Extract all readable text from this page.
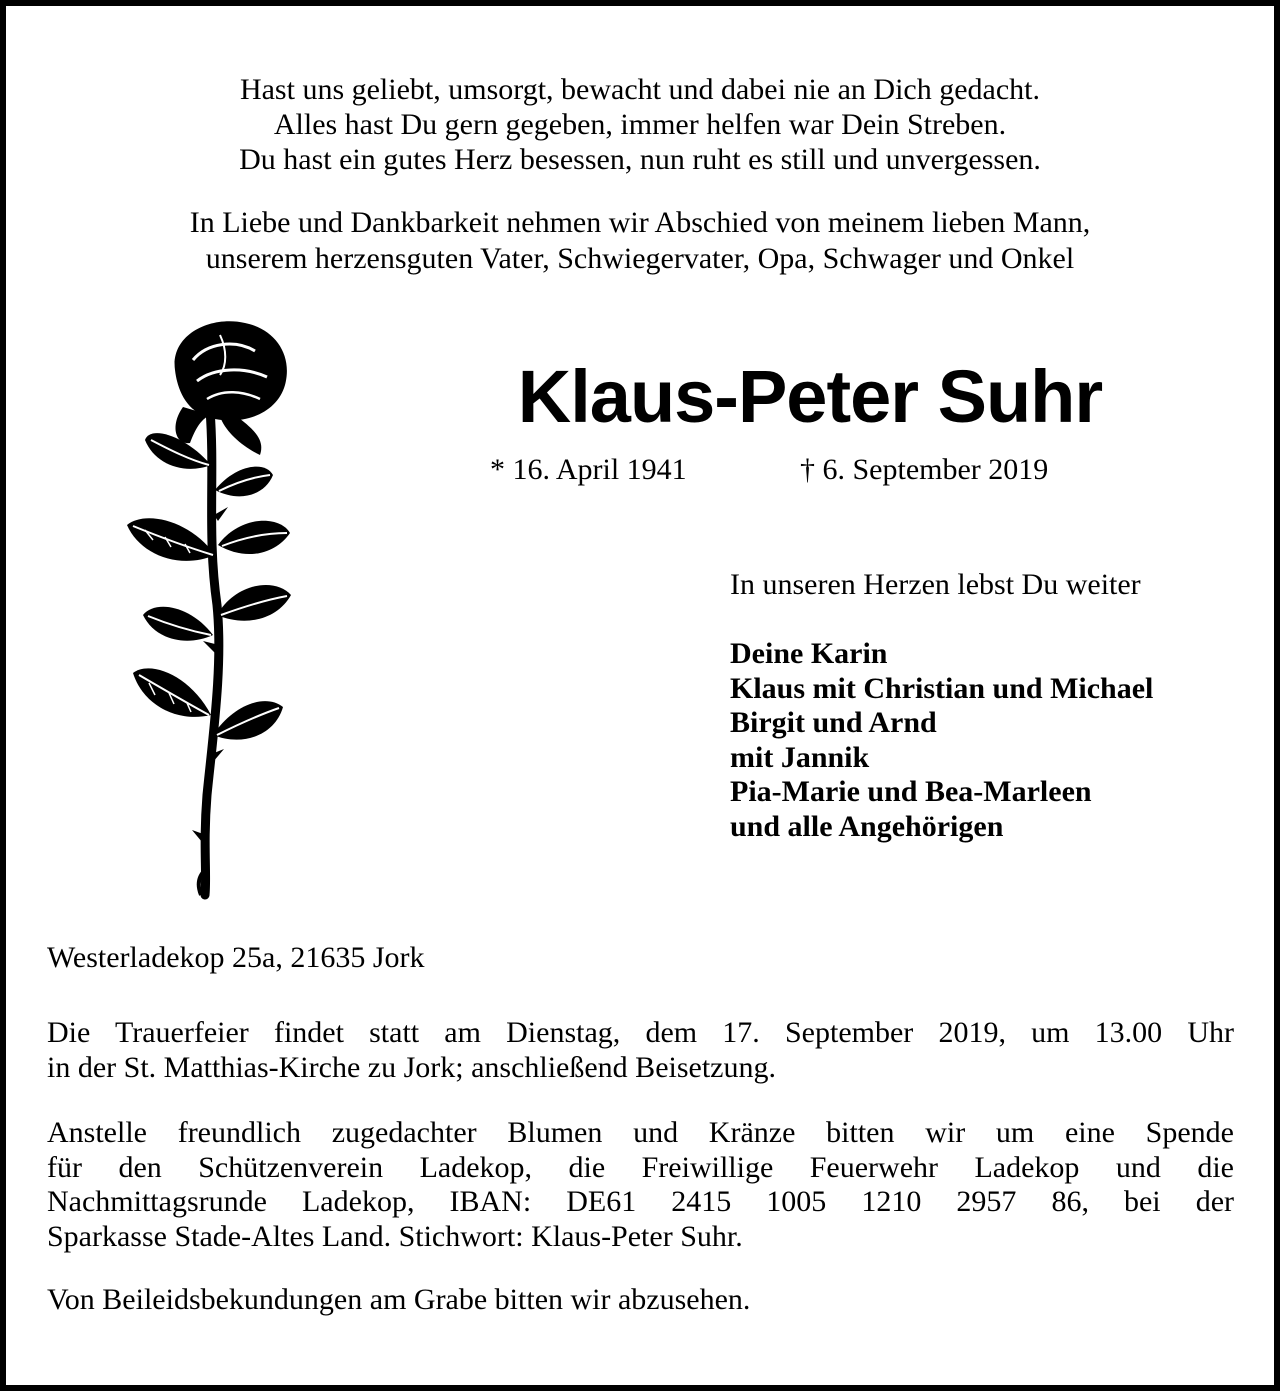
Hast uns geliebt, umsorgt, bewacht und dabei nie an Dich gedacht.
Alles hast Du gern gegeben, immer helfen war Dein Streben.
Du hast ein gutes Herz besessen, nun ruht es still und unvergessen.
In Liebe und Dankbarkeit nehmen wir Abschied von meinem lieben Mann,
unserem herzensguten Vater, Schwiegervater, Opa, Schwager und Onkel
Klaus-Peter Suhr
* 16. April 1941	† 6. September 2019
In unseren Herzen lebst Du weiter
Deine Karin
Klaus mit Christian und Michael
Birgit und Arnd
mit Jannik
Pia-Marie und Bea-Marleen
und alle Angehörigen
Westerladekop 25a, 21635 Jork
Die Trauerfeier findet statt am Dienstag, dem 17. September 2019, um 13.00 Uhr
in der St. Matthias-Kirche zu Jork; anschließend Beisetzung.
Anstelle freundlich zugedachter Blumen und Kränze bitten wir um eine Spende
für den Schützenverein Ladekop, die Freiwillige Feuerwehr Ladekop und die
Nachmittagsrunde Ladekop, IBAN: DE61 2415 1005 1210 2957 86, bei der
Sparkasse Stade-Altes Land. Stichwort: Klaus-Peter Suhr.
Von Beileidsbekundungen am Grabe bitten wir abzusehen.
